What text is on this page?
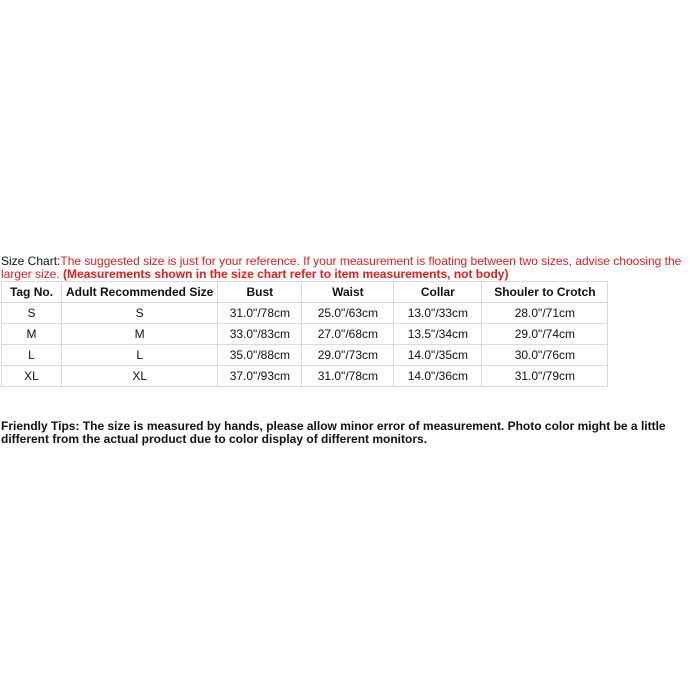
Size Chart:The suggested size is just for your reference. If your measurement is floating between two sizes, advise choosing the larger size. (Measurements shown in the size chart refer to item measurements, not body)
Tag No.	Adult Recommended Size	Bust	Waist	Collar	Shouler to Crotch
S	S	31.0"/78cm	25.0"/63cm	13.0"/33cm	28.0"/71cm
M	M	33.0"/83cm	27.0"/68cm	13.5"/34cm	29.0"/74cm
L	L	35.0"/88cm	29.0"/73cm	14.0"/35cm	30.0"/76cm
XL	XL	37.0"/93cm	31.0"/78cm	14.0"/36cm	31.0"/79cm
Friendly Tips: The size is measured by hands, please allow minor error of measurement. Photo color might be a little different from the actual product due to color display of different monitors.
